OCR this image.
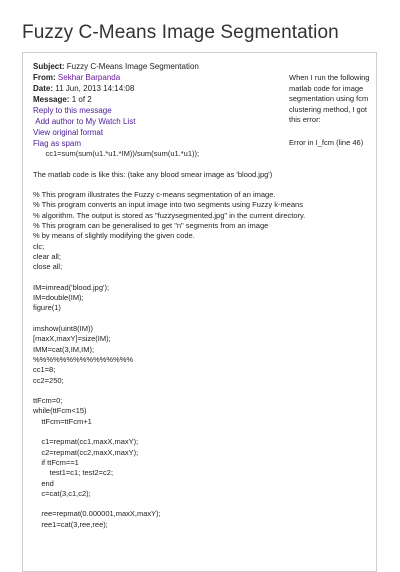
Fuzzy C-Means Image Segmentation
Subject: Fuzzy C-Means Image Segmentation
From: Sekhar Barpanda
Date: 11 Jun, 2013 14:14:08
Message: 1 of 2
Reply to this message
Add author to My Watch List
View original format
Flag as spam
When I run the following matlab code for image segmentation using fcm clustering method, I got this error:
Error in I_fcm (line 46)
cc1=sum(sum(u1.*u1.*IM))/sum(sum(u1.*u1));
The matlab code is like this: (take any blood smear image as 'blood.jpg')
% This program illustrates the Fuzzy c-means segmentation of an image.
% This program converts an input image into two segments using Fuzzy k-means
% algorithm. The output is stored as "fuzzysegmented.jpg" in the current directory.
% This program can be generalised to get "n" segments from an image
% by means of slightly modifying the given code.
clc;
clear all;
close all;
IM=imread('blood.jpg');
IM=double(IM);
figure(1)
imshow(uint8(IM))
[maxX,maxY]=size(IM);
IMM=cat(3,IM,IM);
%%%%%%%%%%%%%%%
cc1=8;
cc2=250;
ttFcm=0;
while(ttFcm<15)
ttFcm=ttFcm+1
c1=repmat(cc1,maxX,maxY);
c2=repmat(cc2,maxX,maxY);
if ttFcm==1
test1=c1; test2=c2;
end
c=cat(3,c1,c2);
ree=repmat(0.000001,maxX,maxY);
ree1=cat(3,ree,ree);
